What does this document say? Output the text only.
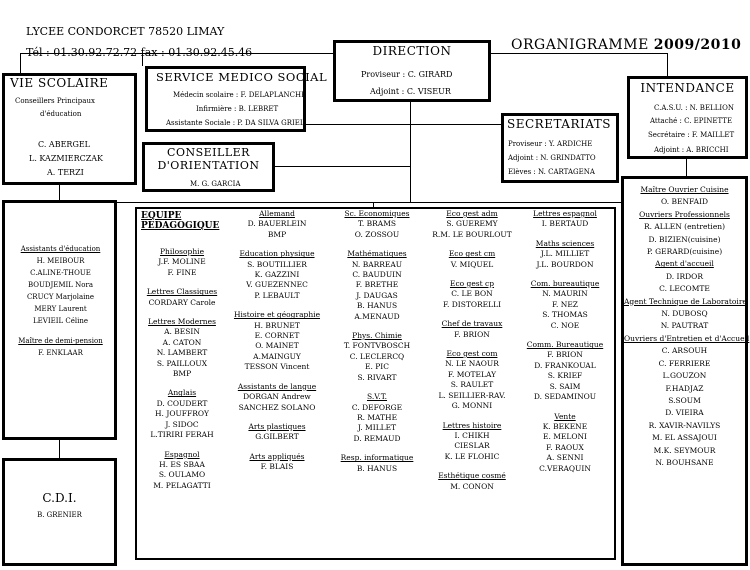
LYCEE CONDORCET 78520 LIMAY
Tél : 01.30.92.72.72 fax : 01.30.92.45.46	ORGANIGRAMME 2009/2010
DIRECTION
Proviseur : C. GIRARD
Adjoint : C. VISEUR
VIE SCOLAIRE
Conseillers Principaux
d'éducation
C. ABERGEL
L. KAZMIERCZAK
A. TERZI
SERVICE MEDICO SOCIAL
Médecin scolaire : F. DELAPLANCHE
Infirmière : B. LEBRET
Assistante Sociale : P. DA SILVA GRIEL
CONSEILLER
D'ORIENTATION
M. G. GARCIA
SECRETARIATS
Proviseur : Y. ARDICHE
Adjoint : N. GRINDATTO
Elèves : N. CARTAGENA
INTENDANCE
C.A.S.U. : N. BELLION
Attaché : C. EPINETTE
Secrétaire : F. MAILLET
Adjoint : A. BRICCHI
Assistants d'éducation
H. MEIBOUR
C.ALINE-THOUE
BOUDJEMIL Nora
CRUCY Marjolaine
MERY Laurent
LEVIEIL Céline
Maître de demi-pension
F. ENKLAAR
C.D.I.
B. GRENIER
EQUIPE
PEDAGOGIQUE
Philosophie
J.F. MOLINE
F. FINE
Lettres Classiques
CORDARY Carole
Lettres Modernes
A. BESIN
A. CATON
N. LAMBERT
S. PAILLOUX
BMP
Anglais
D. COUDERT
H. JOUFFROY
J. SIDOC
L.TIRIRI FERAH
Espagnol
H. ES SBAA
S. OULAMO
M. PELAGATTI
Allemand
D. BAUERLEIN
BMP
Education physique
S. BOUTILLIER
K. GAZZINI
V. GUEZENNEC
P. LEBAULT
Histoire et géographie
H. BRUNET
E. CORNET
O. MAINET
A.MAINGUY
TESSON Vincent
Assistants de langue
DORGAN Andrew
SANCHEZ SOLANO
Arts plastiques
G.GILBERT
Arts appliqués
F. BLAIS
Sc. Economiques
T. BRAMS
O. ZOSSOU
Mathématiques
N. BARREAU
C. BAUDUIN
F. BRETHE
J. DAUGAS
B. HANUS
A.MENAUD
Phys. Chimie
T. FONTVBOSCH
C. LECLERCQ
E. PIC
S. RIVART
S.V.T.
C. DEFORGE
R. MATHE
J. MILLET
D. REMAUD
Resp. informatique
B. HANUS
Eco gest adm
S. GUEREMY
R.M. LE BOURLOUT
Eco gest cm
V. MIQUEL
Eco gest cp
C. LE BON
F. DISTORELLI
Chef de travaux
F. BRION
Eco gest com
N. LE NAOUR
F. MOTELAY
S. RAULET
L. SEILLIER-RAV.
G. MONNI
Lettres histoire
I. CHIKH
CIESLAR
K. LE FLOHIC
Esthétique cosmé
M. CONON
Lettres espagnol
I. BERTAUD
Maths sciences
J.L. MILLIET
J.L. BOURDON
Com. bureautique
N. MAURIN
F. NEZ
S. THOMAS
C. NOE
Comm. Bureautique
F. BRION
D. FRANKOUAL
S. KRIEF
S. SAIM
D. SEDAMINOU
Vente
K. BEKENE
E. MELONI
F. RAOUX
A. SENNI
C.VERAQUIN
Maître Ouvrier Cuisine
O. BENFAID
Ouvriers Professionnels
R. ALLEN (entretien)
D. BIZIEN(cuisine)
P. GERARD(cuisine)
Agent d'accueil
D. IRDOR
C. LECOMTE
Agent Technique de Laboratoire
N. DUBOSQ
N. PAUTRAT
Ouvriers d'Entretien et d'Accueil
C. ARSOUH
C. FERRIERE
L.GOUZON
F.HADJAZ
S.SOUM
D. VIEIRA
R. XAVIR-NAVILYS
M. EL ASSAJOUI
M.K. SEYMOUR
N. BOUHSANE
